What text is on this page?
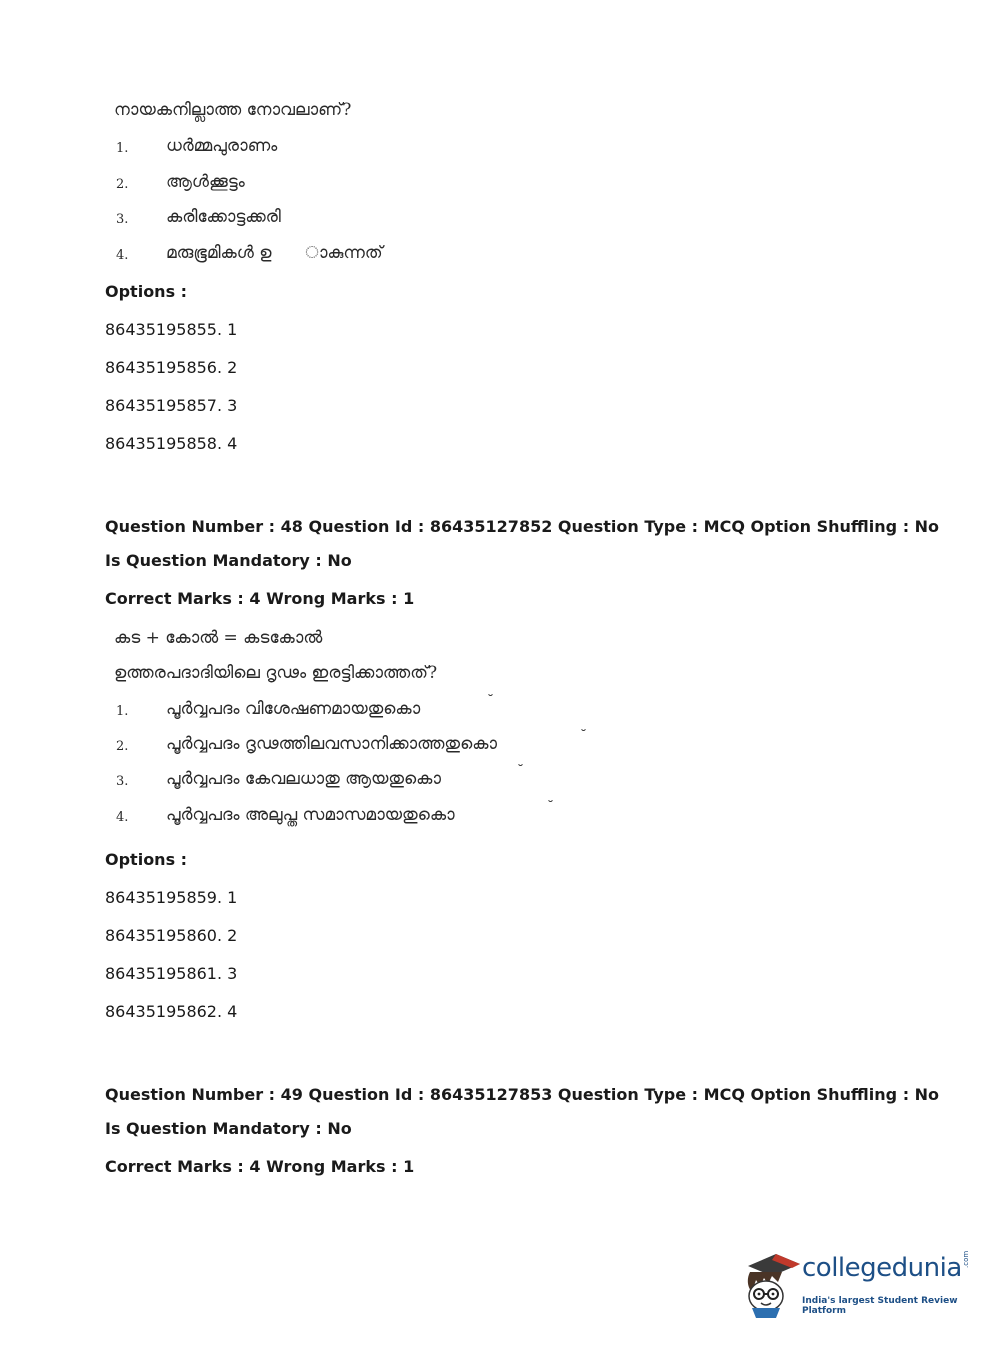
നായകനില്ലാത്ത നോവലാണ്?
1. ധർമ്മപുരാണം
2. ആൾക്കൂട്ടം
3. കരിക്കോട്ടക്കരി
4. മരുഭൂമികൾ ഉ      ാകുന്നത്
Options :
86435195855. 1
86435195856. 2
86435195857. 3
86435195858. 4
Question Number : 48 Question Id : 86435127852 Question Type : MCQ Option Shuffling : No
Is Question Mandatory : No
Correct Marks : 4 Wrong Marks : 1
കട + കോൽ = കടകോൽ
ഉത്തരപദാദിയിലെ ദൃഢം ഇരട്ടിക്കാത്തത്?
1. പൂർവ്വപദം വിശേഷണമായതുകൊ	˘
2. പൂർവ്വപദം ദൃഢത്തിലവസാനിക്കാത്തതുകൊ	˘
3. പൂർവ്വപദം കേവലധാതു ആയതുകൊ	˘
4. പൂർവ്വപദം അലുപ്ത സമാസമായതുകൊ	˘
Options :
86435195859. 1
86435195860. 2
86435195861. 3
86435195862. 4
Question Number : 49 Question Id : 86435127853 Question Type : MCQ Option Shuffling : No
Is Question Mandatory : No
Correct Marks : 4 Wrong Marks : 1
collegedunia .com
India's largest Student Review Platform
